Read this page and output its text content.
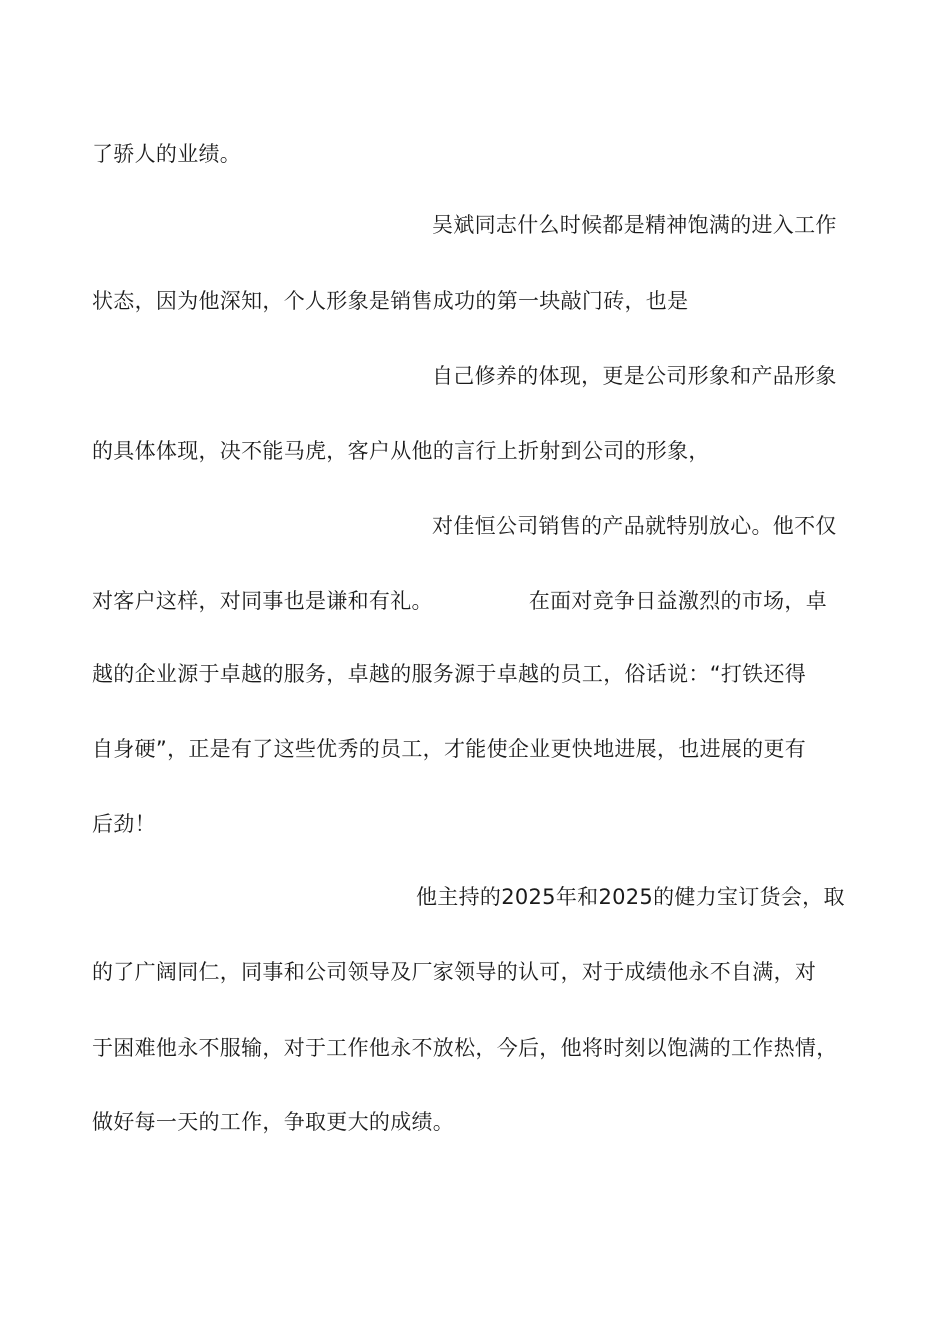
了骄人的业绩。
吴斌同志什么时候都是精神饱满的进入工作
状态，因为他深知，个人形象是销售成功的第一块敲门砖，也是
自己修养的体现，更是公司形象和产品形象
的具体体现，决不能马虎，客户从他的言行上折射到公司的形象，
对佳恒公司销售的产品就特别放心。他不仅
对客户这样，对同事也是谦和有礼。	在面对竞争日益激烈的市场，卓
越的企业源于卓越的服务，卓越的服务源于卓越的员工，俗话说：“打铁还得
自身硬”，正是有了这些优秀的员工，才能使企业更快地进展，也进展的更有
后劲！
他主持的2025年和2025的健力宝订货会，取
的了广阔同仁，同事和公司领导及厂家领导的认可，对于成绩他永不自满，对
于困难他永不服输，对于工作他永不放松，今后，他将时刻以饱满的工作热情，
做好每一天的工作，争取更大的成绩。
